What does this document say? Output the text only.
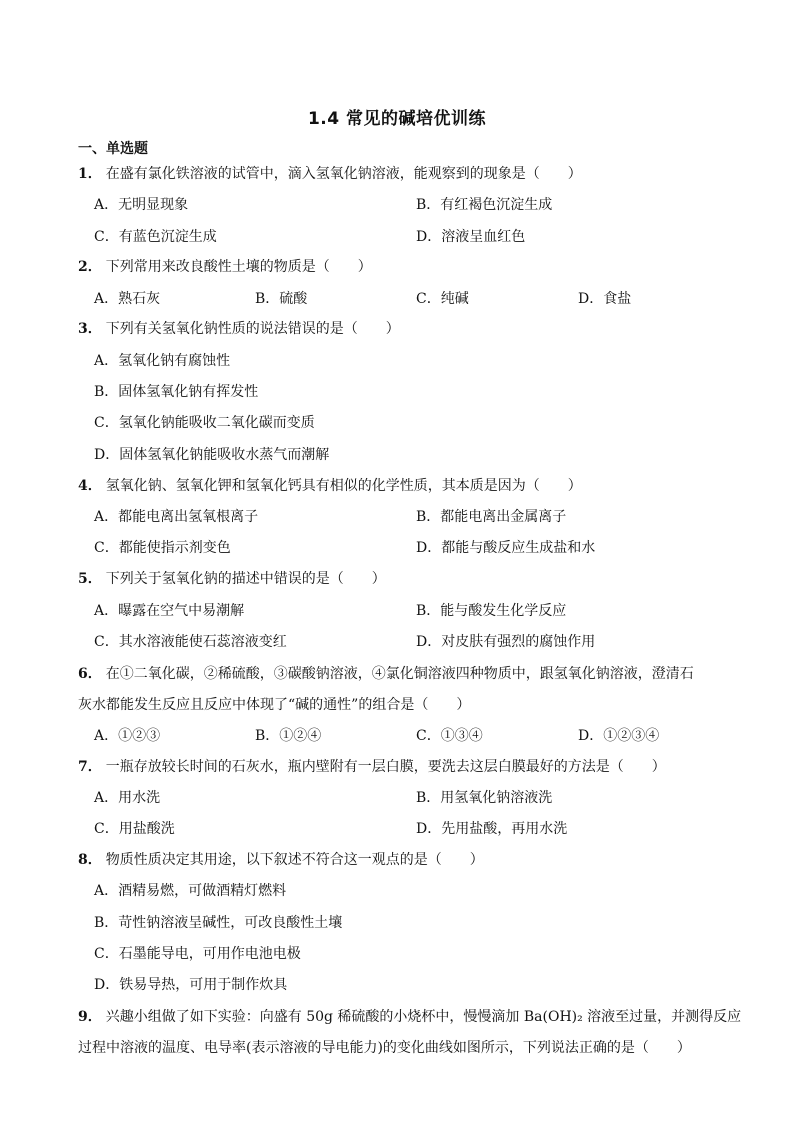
1.4 常见的碱培优训练
一、单选题
1． 在盛有氯化铁溶液的试管中，滴入氢氧化钠溶液，能观察到的现象是（　　）
A．无明显现象	B．有红褐色沉淀生成
C．有蓝色沉淀生成	D．溶液呈血红色
2． 下列常用来改良酸性土壤的物质是（　　）
A．熟石灰	B．硫酸	C．纯碱	D．食盐
3． 下列有关氢氧化钠性质的说法错误的是（　　）
A．氢氧化钠有腐蚀性
B．固体氢氧化钠有挥发性
C．氢氧化钠能吸收二氧化碳而变质
D．固体氢氧化钠能吸收水蒸气而潮解
4． 氢氧化钠、氢氧化钾和氢氧化钙具有相似的化学性质，其本质是因为（　　）
A．都能电离出氢氧根离子	B．都能电离出金属离子
C．都能使指示剂变色	D．都能与酸反应生成盐和水
5． 下列关于氢氧化钠的描述中错误的是（　　）
A．曝露在空气中易潮解	B．能与酸发生化学反应
C．其水溶液能使石蕊溶液变红	D．对皮肤有强烈的腐蚀作用
6． 在①二氧化碳，②稀硫酸，③碳酸钠溶液，④氯化铜溶液四种物质中，跟氢氧化钠溶液，澄清石
灰水都能发生反应且反应中体现了“碱的通性”的组合是（　　）
A．①②③	B．①②④	C．①③④	D．①②③④
7． 一瓶存放较长时间的石灰水，瓶内壁附有一层白膜，要洗去这层白膜最好的方法是（　　）
A．用水洗	B．用氢氧化钠溶液洗
C．用盐酸洗	D．先用盐酸，再用水洗
8． 物质性质决定其用途，以下叙述不符合这一观点的是（　　）
A．酒精易燃，可做酒精灯燃料
B．苛性钠溶液呈碱性，可改良酸性土壤
C．石墨能导电，可用作电池电极
D．铁易导热，可用于制作炊具
9． 兴趣小组做了如下实验：向盛有 50g 稀硫酸的小烧杯中，慢慢滴加 Ba(OH)₂ 溶液至过量，并测得反应
过程中溶液的温度、电导率(表示溶液的导电能力)的变化曲线如图所示，下列说法正确的是（　　）
